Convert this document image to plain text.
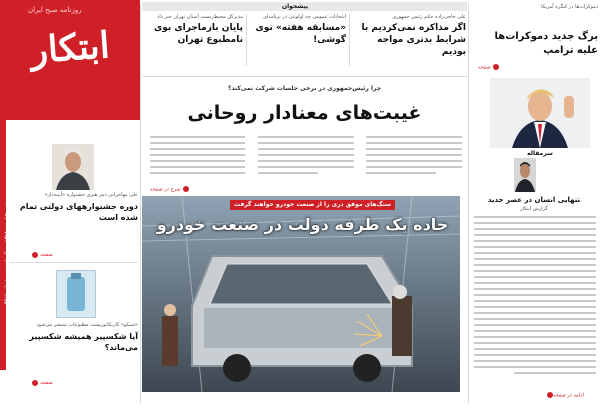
ابتکار
روزنامه صبح ایران
شنبه ۹ اسفند ۱۳۹۸ - سال پانزدهم - شماره ۴۴۱۸
پیشخوان
مدیرکل محیط‌زیست استان تهران خبر داد
پایان بازماجرای بوی نامطبوع تهران
انتخابات عمومی چه اولویتی در برنامه‌ای
«مسابقه هفته» توی گوشی!
علی حاجی‌زاده حکم رئیس جمهوری
اگر مذاکره نمی‌کردیم با شرایط بدتری مواجه بودیم
دموکرات‌ها در کنگره آمریکا
برگ جدید دموکرات‌ها علیه ترامپ
چرا رئیس‌جمهوری در برخی جلسات شرکت نمی‌کند؟
غیبت‌های معنادار روحانی
شرح در صفحه
سنگ‌های موفق دری را از صنعت خودرو خواهند گرفت
جاده یک طرفه دولت در صنعت خودرو
علی مهاجرانی دبیر هنری جشنواره «آیینه‌دار»
دوره جشنوارههای دولتی تمام شده است
«شیکو» کاریکاتوریست مطبوعات منتشر می‌شود
آیا شکسپیر همیشه شکسپیر می‌ماند؟
سرمقاله
تنهایی انسان در عصر جدید
گزارش ابتکار
ادامه در صفحه
صفحه
صفحه
صفحه
